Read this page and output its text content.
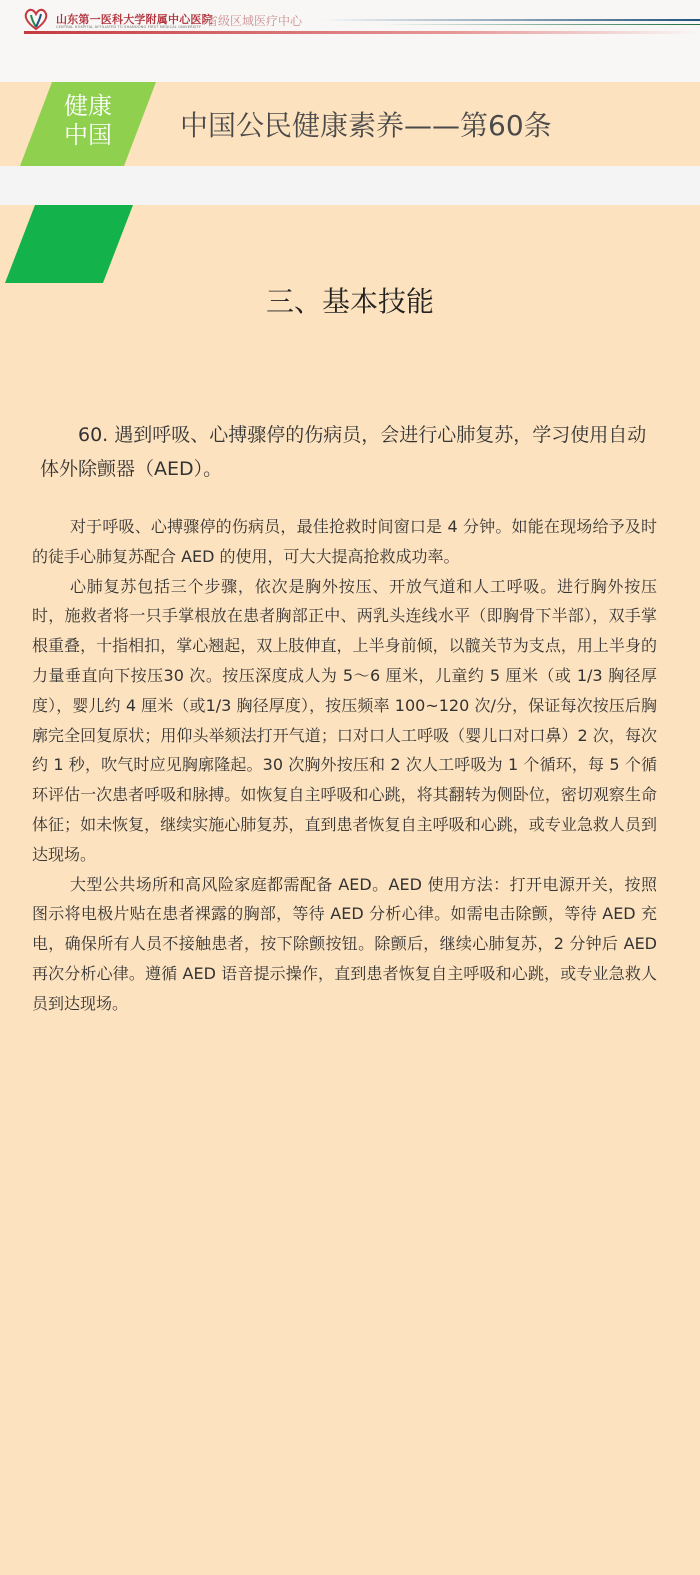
山东第一医科大学附属中心医院
CENTRAL HOSPITAL AFFILIATED TO SHANDONG FIRST MEDICAL UNIVERSITY 省级区域医疗中心
健康
中国 中国公民健康素养——第60条
三、基本技能
60. 遇到呼吸、心搏骤停的伤病员，会进行心肺复苏，学习使用自动体外除颤器（AED）。

对于呼吸、心搏骤停的伤病员，最佳抢救时间窗口是 4 分钟。如能在现场给予及时的徒手心肺复苏配合 AED 的使用，可大大提高抢救成功率。

心肺复苏包括三个步骤，依次是胸外按压、开放气道和人工呼吸。进行胸外按压时，施救者将一只手掌根放在患者胸部正中、两乳头连线水平（即胸骨下半部），双手掌根重叠，十指相扣，掌心翘起，双上肢伸直，上半身前倾，以髋关节为支点，用上半身的力量垂直向下按压30 次。按压深度成人为 5～6 厘米，儿童约 5 厘米（或 1/3 胸径厚度），婴儿约 4 厘米（或1/3 胸径厚度），按压频率 100~120 次/分，保证每次按压后胸廓完全回复原状；用仰头举颏法打开气道；口对口人工呼吸（婴儿口对口鼻）2 次，每次约 1 秒，吹气时应见胸廓隆起。30 次胸外按压和 2 次人工呼吸为 1 个循环，每 5 个循环评估一次患者呼吸和脉搏。如恢复自主呼吸和心跳，将其翻转为侧卧位，密切观察生命体征；如未恢复，继续实施心肺复苏，直到患者恢复自主呼吸和心跳，或专业急救人员到达现场。

大型公共场所和高风险家庭都需配备 AED。AED 使用方法：打开电源开关，按照图示将电极片贴在患者裸露的胸部，等待 AED 分析心律。如需电击除颤，等待 AED 充电，确保所有人员不接触患者，按下除颤按钮。除颤后，继续心肺复苏，2 分钟后 AED 再次分析心律。遵循 AED 语音提示操作，直到患者恢复自主呼吸和心跳，或专业急救人员到达现场。
